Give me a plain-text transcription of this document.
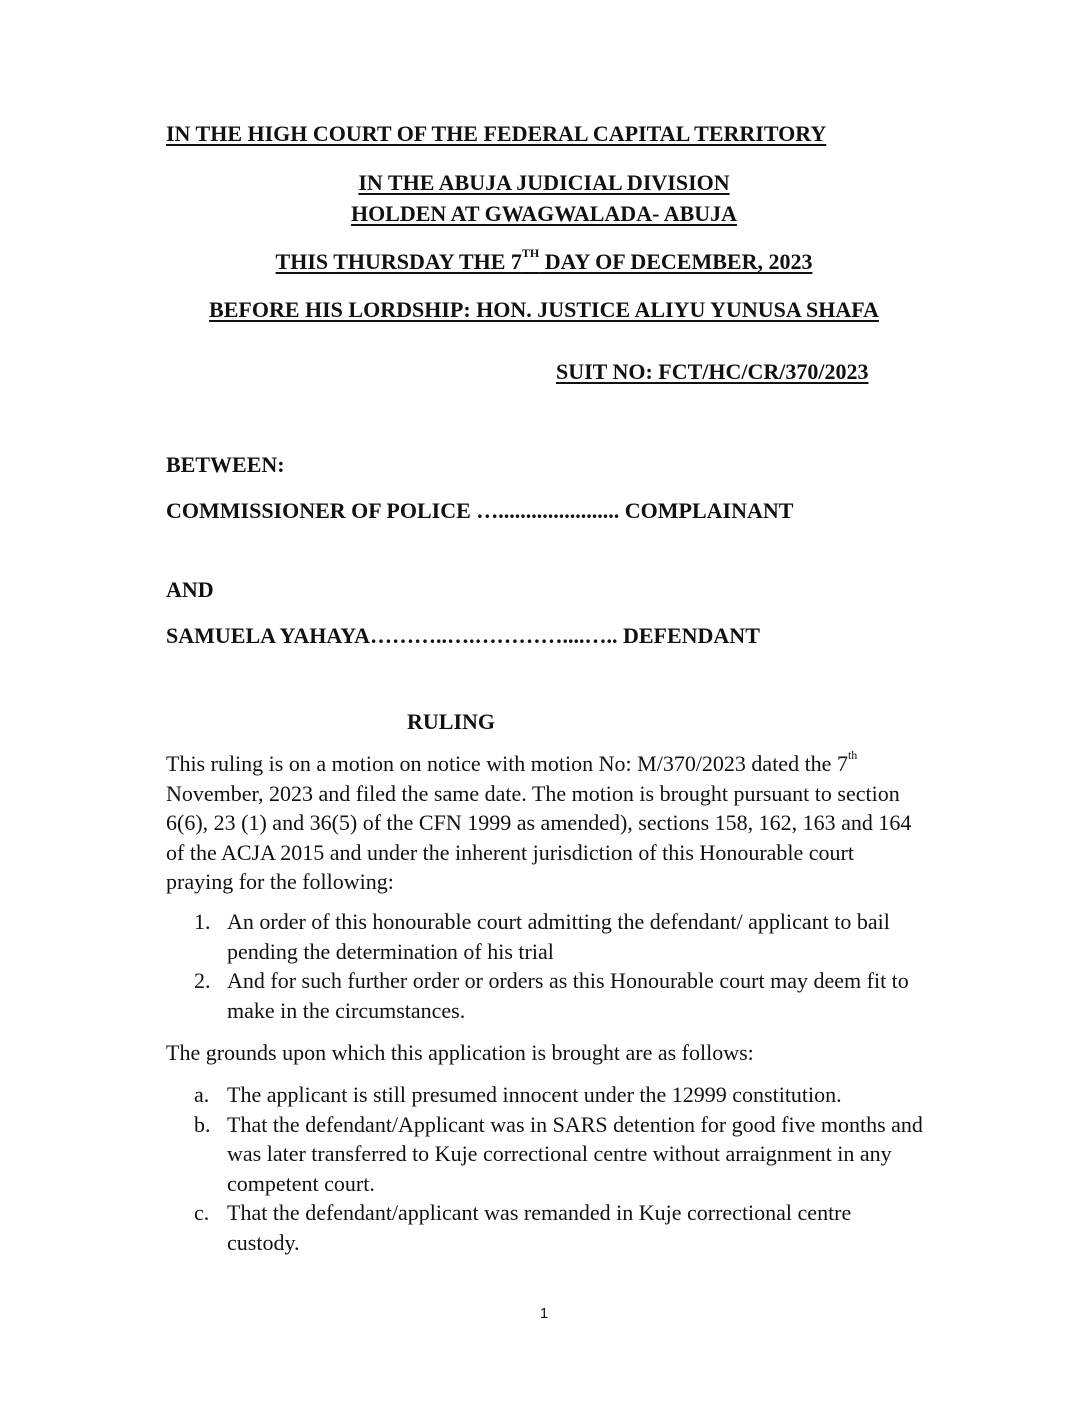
IN THE HIGH COURT OF THE FEDERAL CAPITAL TERRITORY
IN THE ABUJA JUDICIAL DIVISION
HOLDEN AT GWAGWALADA- ABUJA
THIS THURSDAY THE 7TH DAY OF DECEMBER, 2023
BEFORE HIS LORDSHIP: HON. JUSTICE ALIYU YUNUSA SHAFA
SUIT NO: FCT/HC/CR/370/2023
BETWEEN:
COMMISSIONER OF POLICE …...................... COMPLAINANT
AND
SAMUELA YAHAYA………..….…………....….. DEFENDANT
RULING
This ruling is on a motion on notice with motion No: M/370/2023 dated the 7th November, 2023 and filed the same date. The motion is brought pursuant to section 6(6), 23 (1) and 36(5) of the CFN 1999 as amended), sections 158, 162, 163 and 164 of the ACJA 2015 and under the inherent jurisdiction of this Honourable court praying for the following:
1. An order of this honourable court admitting the defendant/ applicant to bail pending the determination of his trial
2. And for such further order or orders as this Honourable court may deem fit to make in the circumstances.
The grounds upon which this application is brought are as follows:
a. The applicant is still presumed innocent under the 12999 constitution.
b. That the defendant/Applicant was in SARS detention for good five months and was later transferred to Kuje correctional centre without arraignment in any competent court.
c. That the defendant/applicant was remanded in Kuje correctional centre custody.
1
